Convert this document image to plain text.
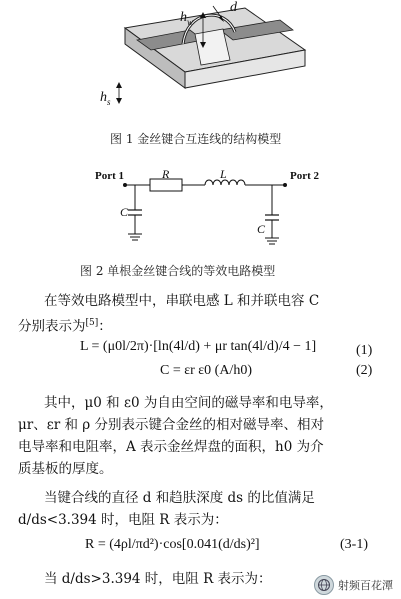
$h_w$
d
$h_s$
图 1 金丝键合互连线的结构模型
Port 1	Port 2
R	L
C
C
图 2 单根金丝键合线的等效电路模型
在等效电路模型中，串联电感 L 和并联电容 C
分别表示为[5]：
L = (μ0l/2π)·[ln(4l/d) + μr tan(4l/d)/4 − 1]	(1)
C = εr ε0 (A/h0)	(2)
其中，μ0 和 ε0 为自由空间的磁导率和电导率，
μr、εr 和 ρ 分别表示键合金丝的相对磁导率、相对
电导率和电阻率，A 表示金丝焊盘的面积，h0 为介
质基板的厚度。
当键合线的直径 d 和趋肤深度 ds 的比值满足
d/ds<3.394 时，电阻 R 表示为：
R = (4ρl/πd²)·cos[0.041(d/ds)²]	(3-1)
当 d/ds>3.394 时，电阻 R 表示为：	射频百花潭
